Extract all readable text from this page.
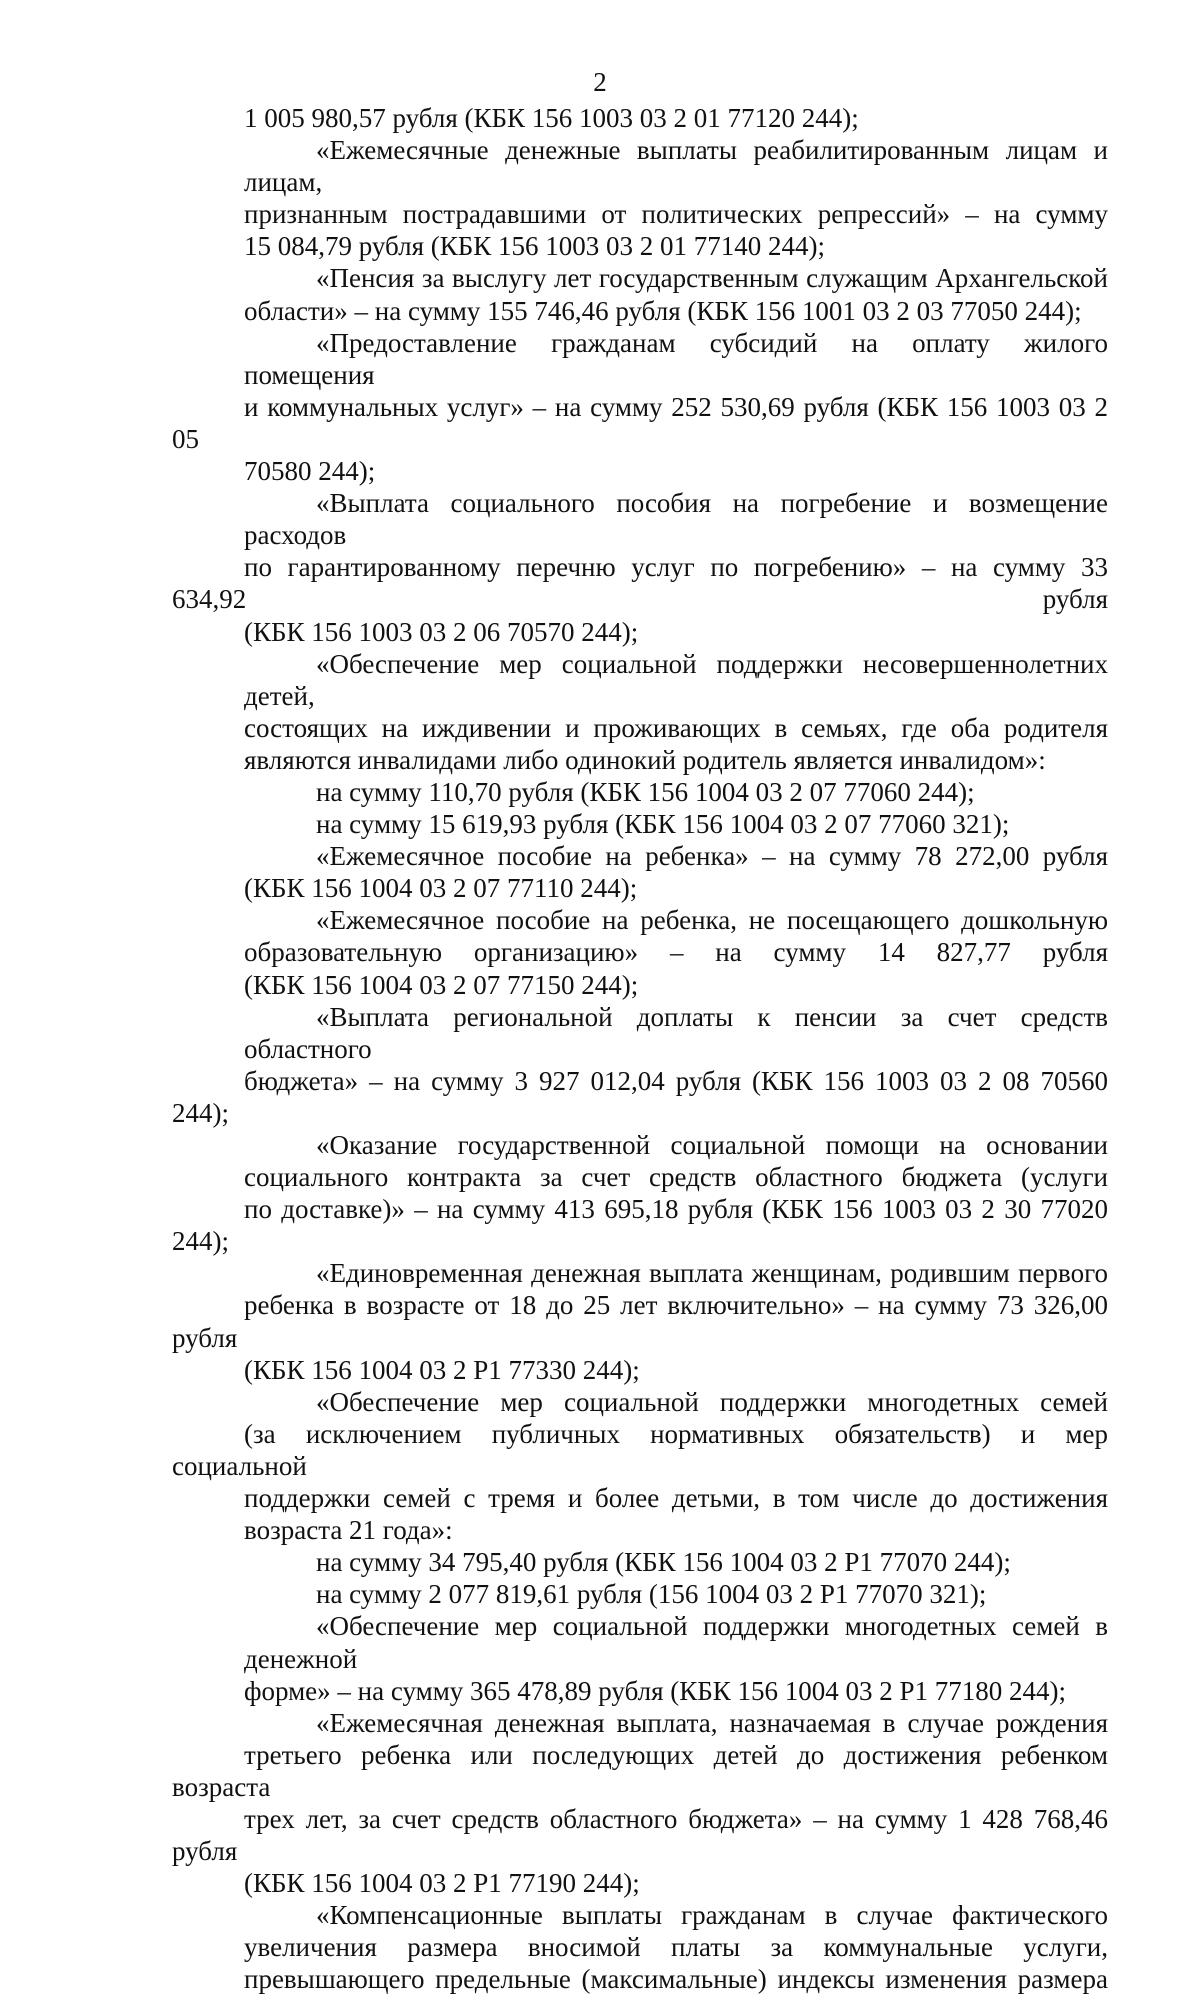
2
1 005 980,57 рубля (КБК 156 1003 03 2 01 77120 244);
«Ежемесячные денежные выплаты реабилитированным лицам и лицам,
признанным пострадавшими от политических репрессий» – на сумму
15 084,79 рубля (КБК 156 1003 03 2 01 77140 244);
«Пенсия за выслугу лет государственным служащим Архангельской
области» – на сумму 155 746,46 рубля (КБК 156 1001 03 2 03 77050 244);
«Предоставление гражданам субсидий на оплату жилого помещения
и коммунальных услуг» – на сумму 252 530,69 рубля (КБК 156 1003 03 2 05
70580 244);
«Выплата социального пособия на погребение и возмещение расходов
по гарантированному перечню услуг по погребению» – на сумму 33 634,92 рубля
(КБК 156 1003 03 2 06 70570 244);
«Обеспечение мер социальной поддержки несовершеннолетних детей,
состоящих на иждивении и проживающих в семьях, где оба родителя
являются инвалидами либо одинокий родитель является инвалидом»:
на сумму 110,70 рубля (КБК 156 1004 03 2 07 77060 244);
на сумму 15 619,93 рубля (КБК 156 1004 03 2 07 77060 321);
«Ежемесячное пособие на ребенка» – на сумму 78 272,00 рубля
(КБК 156 1004 03 2 07 77110 244);
«Ежемесячное пособие на ребенка, не посещающего дошкольную
образовательную организацию» – на сумму 14 827,77 рубля
(КБК 156 1004 03 2 07 77150 244);
«Выплата региональной доплаты к пенсии за счет средств областного
бюджета» – на сумму 3 927 012,04 рубля (КБК 156 1003 03 2 08 70560 244);
«Оказание государственной социальной помощи на основании
социального контракта за счет средств областного бюджета (услуги
по доставке)» – на сумму 413 695,18 рубля (КБК 156 1003 03 2 30 77020 244);
«Единовременная денежная выплата женщинам, родившим первого
ребенка в возрасте от 18 до 25 лет включительно» – на сумму 73 326,00 рубля
(КБК 156 1004 03 2 Р1 77330 244);
«Обеспечение мер социальной поддержки многодетных семей
(за исключением публичных нормативных обязательств) и мер социальной
поддержки семей с тремя и более детьми, в том числе до достижения
возраста 21 года»:
на сумму 34 795,40 рубля (КБК 156 1004 03 2 Р1 77070 244);
на сумму 2 077 819,61 рубля (156 1004 03 2 Р1 77070 321);
«Обеспечение мер социальной поддержки многодетных семей в денежной
форме» – на сумму 365 478,89 рубля (КБК 156 1004 03 2 Р1 77180 244);
«Ежемесячная денежная выплата, назначаемая в случае рождения
третьего ребенка или последующих детей до достижения ребенком возраста
трех лет, за счет средств областного бюджета» – на сумму 1 428 768,46 рубля
(КБК 156 1004 03 2 Р1 77190 244);
«Компенсационные выплаты гражданам в случае фактического
увеличения размера вносимой платы за коммунальные услуги,
превышающего предельные (максимальные) индексы изменения размера
